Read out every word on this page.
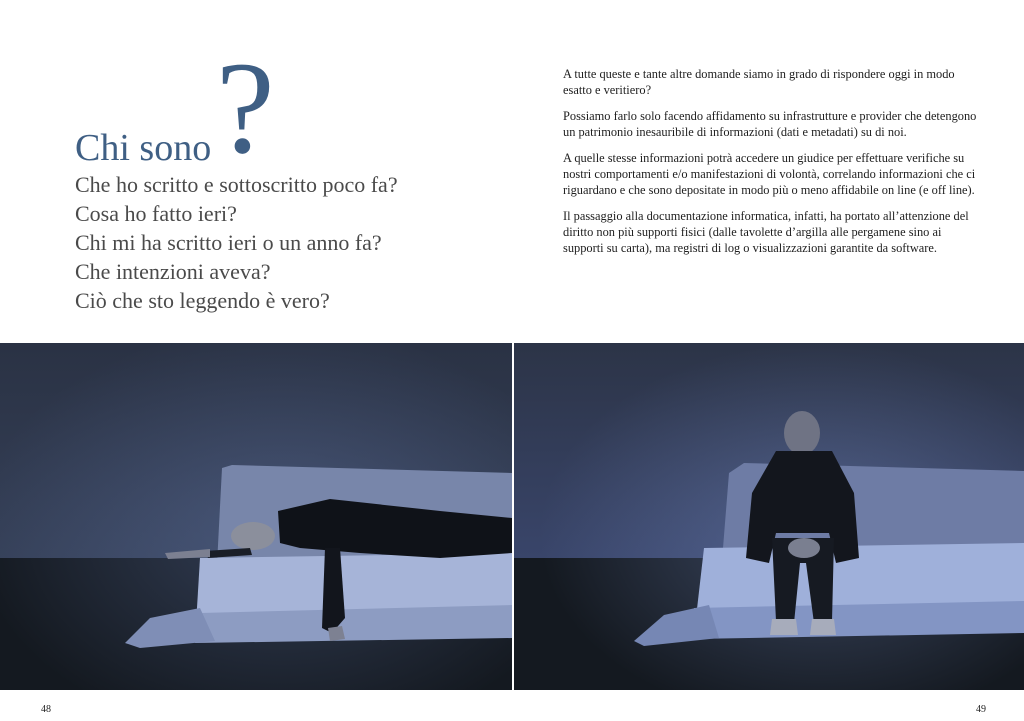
Chi sono ?
Che ho scritto e sottoscritto poco fa?
Cosa ho fatto ieri?
Chi mi ha scritto ieri o un anno fa?
Che intenzioni aveva?
Ciò che sto leggendo è vero?

A tutte queste e tante altre domande siamo in grado di rispondere oggi in modo esatto e veritiero?

Possiamo farlo solo facendo affidamento su infrastrutture e provider che detengono un patrimonio inesauribile di informazioni (dati e metadati) su di noi.

A quelle stesse informazioni potrà accedere un giudice per effettuare verifiche su nostri comportamenti e/o manifestazioni di volontà, correlando informazioni che ci riguardano e che sono depositate in modo più o meno affidabile on line (e off line).

Il passaggio alla documentazione informatica, infatti, ha portato all’attenzione del diritto non più supporti fisici (dalle tavolette d’argilla alle pergamene sino ai supporti su carta), ma registri di log o visualizzazioni garantite da software.

48	49
